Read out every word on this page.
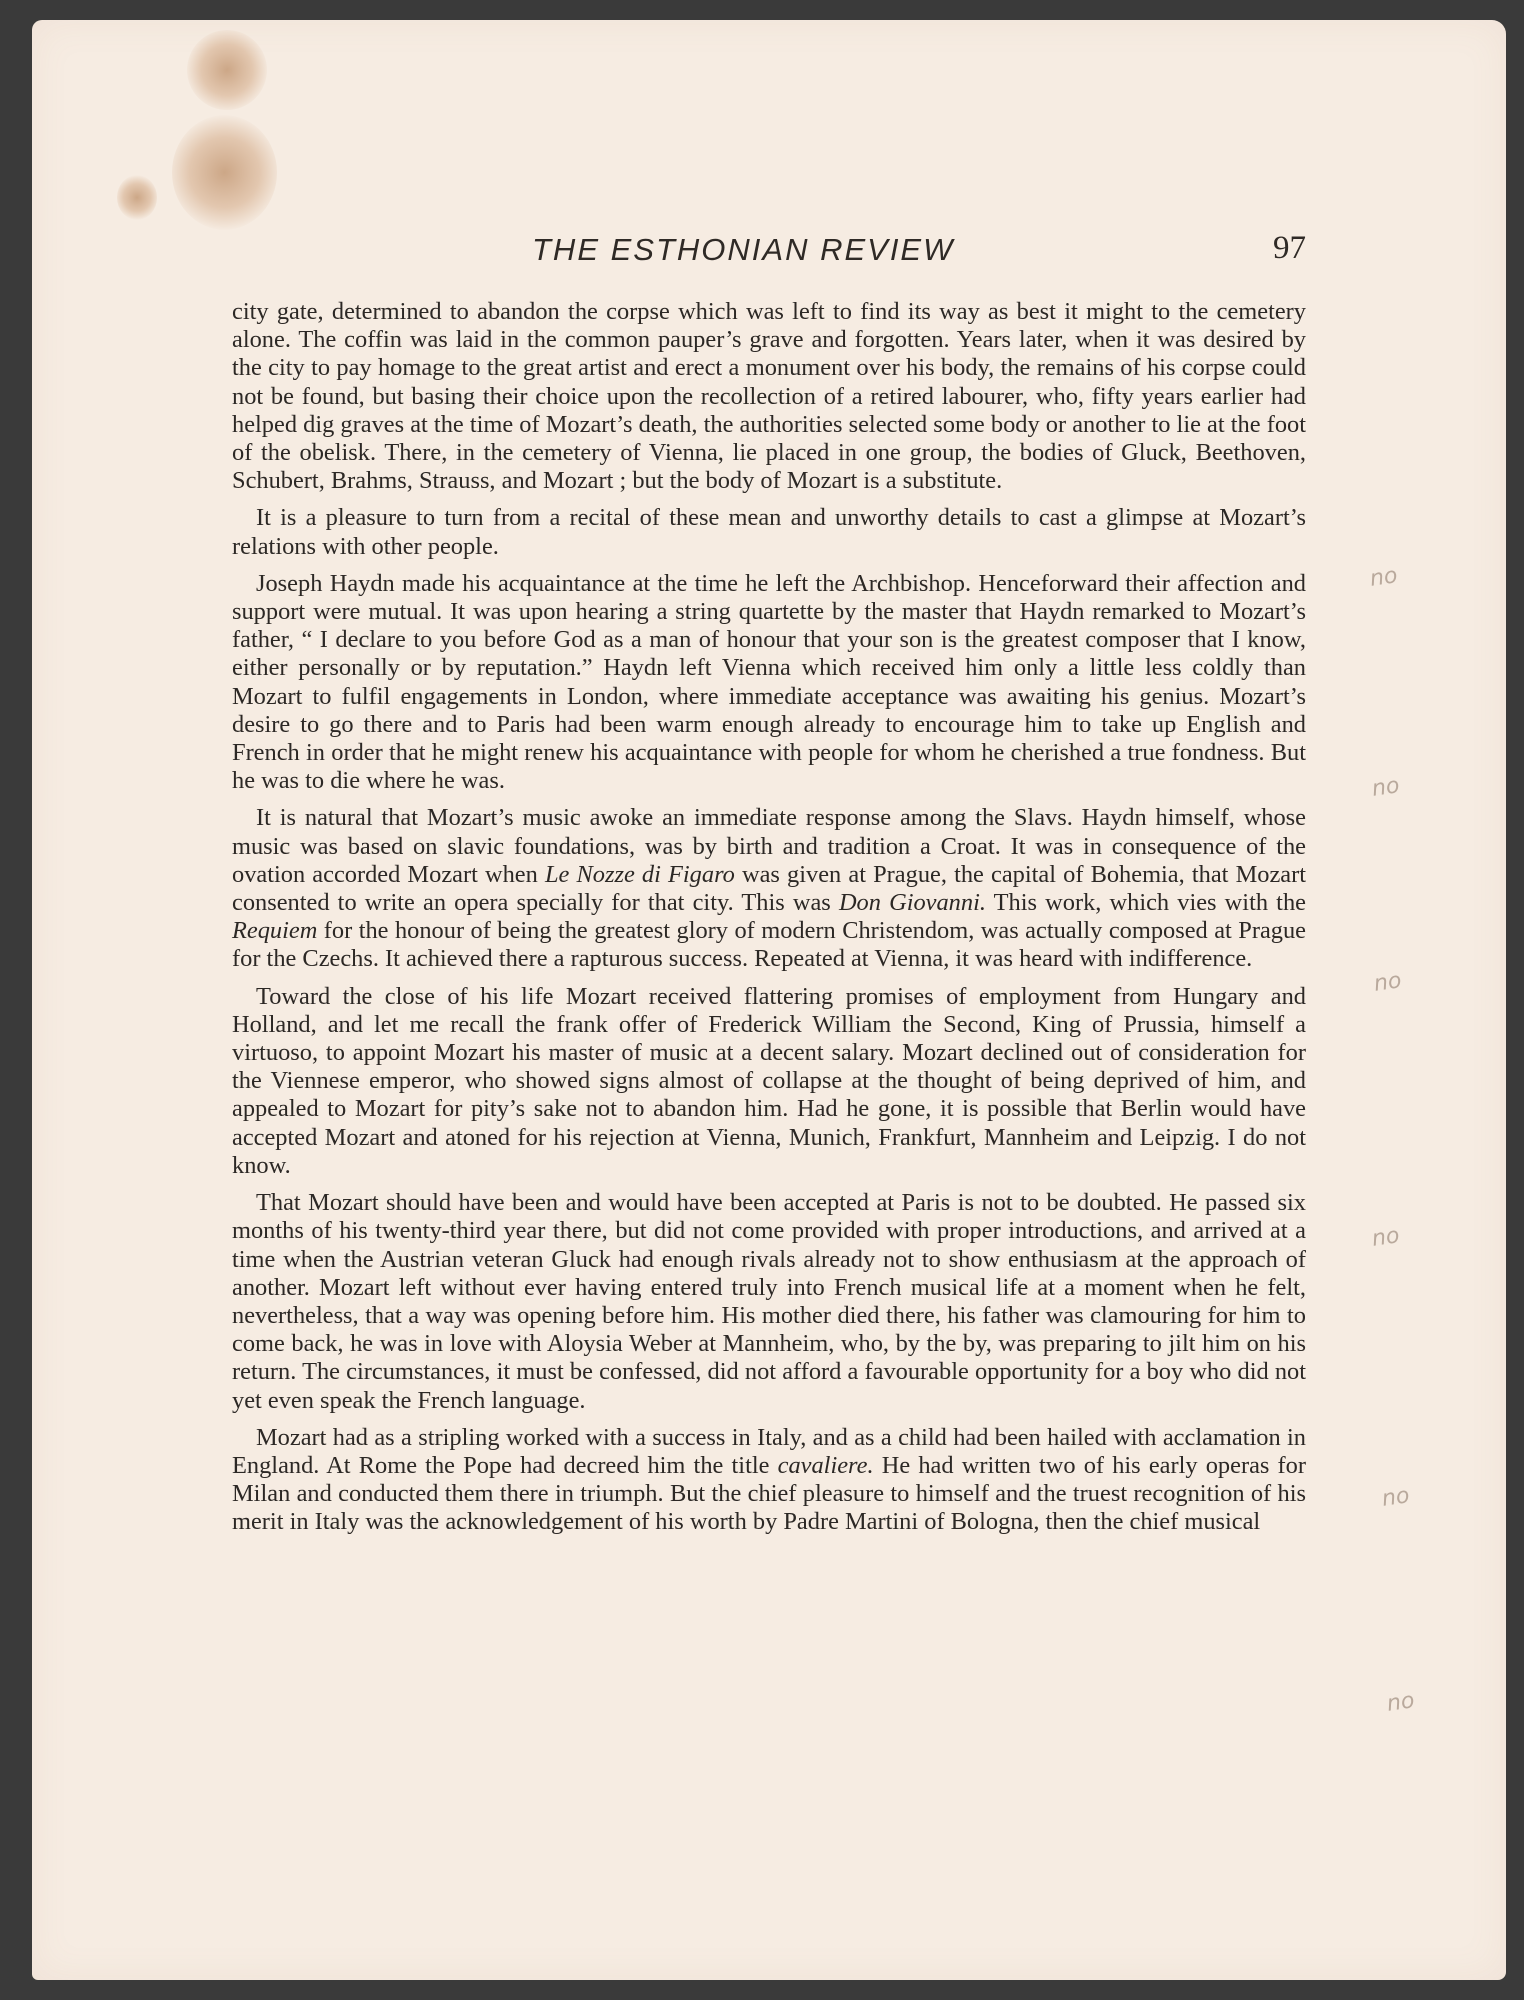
THE ESTHONIAN REVIEW	97

city gate, determined to abandon the corpse which was left to find its way as best it might to the cemetery alone. The coffin was laid in the common pauper’s grave and forgotten. Years later, when it was desired by the city to pay homage to the great artist and erect a monument over his body, the remains of his corpse could not be found, but basing their choice upon the recollection of a retired labourer, who, fifty years earlier had helped dig graves at the time of Mozart’s death, the authorities selected some body or another to lie at the foot of the obelisk. There, in the cemetery of Vienna, lie placed in one group, the bodies of Gluck, Beethoven, Schubert, Brahms, Strauss, and Mozart ; but the body of Mozart is a substitute.

It is a pleasure to turn from a recital of these mean and unworthy details to cast a glimpse at Mozart’s relations with other people.

Joseph Haydn made his acquaintance at the time he left the Archbishop. Henceforward their affection and support were mutual. It was upon hearing a string quartette by the master that Haydn remarked to Mozart’s father, “ I declare to you before God as a man of honour that your son is the greatest composer that I know, either personally or by reputation.” Haydn left Vienna which received him only a little less coldly than Mozart to fulfil engagements in London, where immediate acceptance was awaiting his genius. Mozart’s desire to go there and to Paris had been warm enough already to encourage him to take up English and French in order that he might renew his acquaintance with people for whom he cherished a true fondness. But he was to die where he was.

It is natural that Mozart’s music awoke an immediate response among the Slavs. Haydn himself, whose music was based on slavic foundations, was by birth and tradition a Croat. It was in consequence of the ovation accorded Mozart when Le Nozze di Figaro was given at Prague, the capital of Bohemia, that Mozart consented to write an opera specially for that city. This was Don Giovanni. This work, which vies with the Requiem for the honour of being the greatest glory of modern Christendom, was actually composed at Prague for the Czechs. It achieved there a rapturous success. Repeated at Vienna, it was heard with indifference.

Toward the close of his life Mozart received flattering promises of employment from Hungary and Holland, and let me recall the frank offer of Frederick William the Second, King of Prussia, himself a virtuoso, to appoint Mozart his master of music at a decent salary. Mozart declined out of consideration for the Viennese emperor, who showed signs almost of collapse at the thought of being deprived of him, and appealed to Mozart for pity’s sake not to abandon him. Had he gone, it is possible that Berlin would have accepted Mozart and atoned for his rejection at Vienna, Munich, Frankfurt, Mannheim and Leipzig. I do not know.

That Mozart should have been and would have been accepted at Paris is not to be doubted. He passed six months of his twenty-third year there, but did not come provided with proper introductions, and arrived at a time when the Austrian veteran Gluck had enough rivals already not to show enthusiasm at the approach of another. Mozart left without ever having entered truly into French musical life at a moment when he felt, nevertheless, that a way was opening before him. His mother died there, his father was clamouring for him to come back, he was in love with Aloysia Weber at Mannheim, who, by the by, was preparing to jilt him on his return. The circumstances, it must be confessed, did not afford a favourable opportunity for a boy who did not yet even speak the French language.

Mozart had as a stripling worked with a success in Italy, and as a child had been hailed with acclamation in England. At Rome the Pope had decreed him the title cavaliere. He had written two of his early operas for Milan and conducted them there in triumph. But the chief pleasure to himself and the truest recognition of his merit in Italy was the acknowledgement of his worth by Padre Martini of Bologna, then the chief musical

no
no
no
no
no
no
